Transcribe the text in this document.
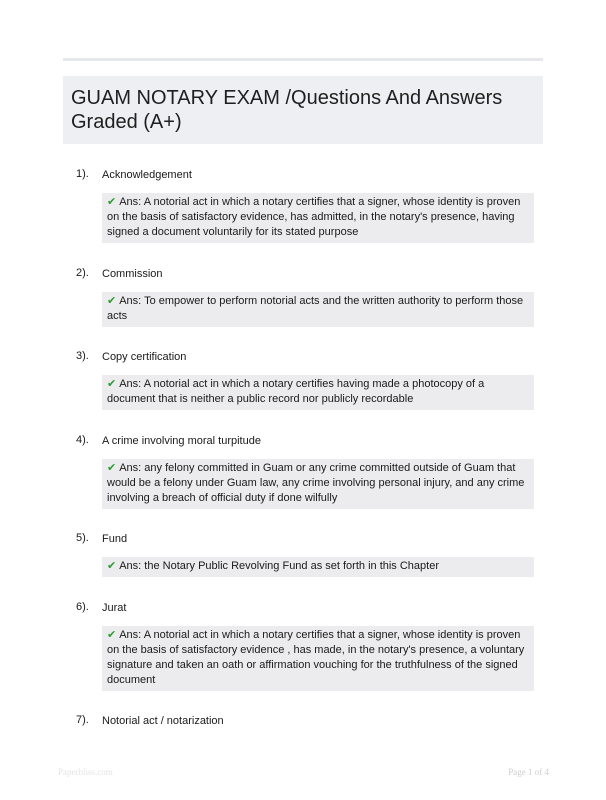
GUAM NOTARY EXAM /Questions And Answers Graded (A+)
1). Acknowledgement
✔ Ans: A notorial act in which a notary certifies that a signer, whose identity is proven on the basis of satisfactory evidence, has admitted, in the notary's presence, having signed a document voluntarily for its stated purpose
2). Commission
✔ Ans: To empower to perform notorial acts and the written authority to perform those acts
3). Copy certification
✔ Ans: A notorial act in which a notary certifies having made a photocopy of a document that is neither a public record nor publicly recordable
4). A crime involving moral turpitude
✔ Ans: any felony committed in Guam or any crime committed outside of Guam that would be a felony under Guam law, any crime involving personal injury, and any crime involving a breach of official duty if done wilfully
5). Fund
✔ Ans: the Notary Public Revolving Fund as set forth in this Chapter
6). Jurat
✔ Ans: A notorial act in which a notary certifies that a signer, whose identity is proven on the basis of satisfactory evidence , has made, in the notary's presence, a voluntary signature and taken an oath or affirmation vouching for the truthfulness of the signed document
7). Notorial act / notarization
Paperbliss.com	Page 1 of 4
